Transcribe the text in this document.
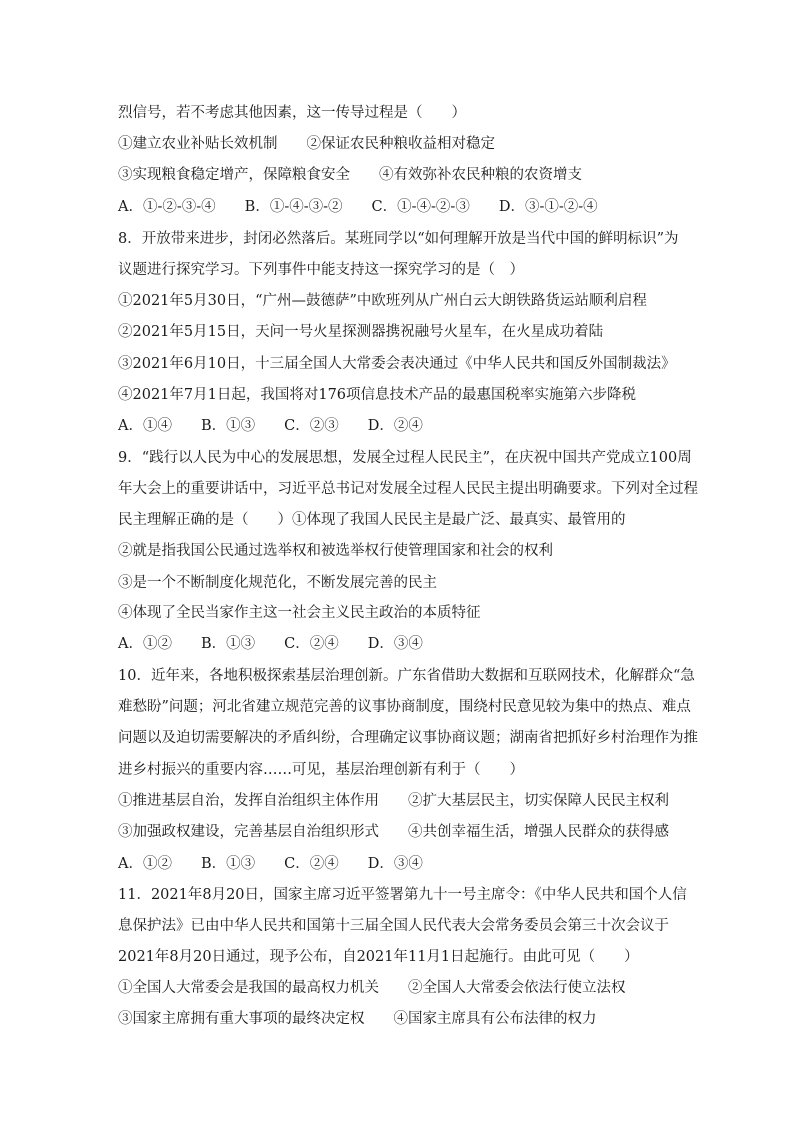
烈信号，若不考虑其他因素，这一传导过程是（　　）
①建立农业补贴长效机制　　②保证农民种粮收益相对稳定
③实现粮食稳定增产，保障粮食安全　　④有效弥补农民种粮的农资增支
A．①-②-③-④　　B．①-④-③-②　　C．①-④-②-③　　D．③-①-②-④
8．开放带来进步，封闭必然落后。某班同学以“如何理解开放是当代中国的鲜明标识”为
议题进行探究学习。下列事件中能支持这一探究学习的是（　）
①2021年5月30日，“广州—鼓德萨”中欧班列从广州白云大朗铁路货运站顺利启程
②2021年5月15日，天问一号火星探测器携祝融号火星车，在火星成功着陆
③2021年6月10日，十三届全国人大常委会表决通过《中华人民共和国反外国制裁法》
④2021年7月1日起，我国将对176项信息技术产品的最惠国税率实施第六步降税
A．①④　　B．①③　　C．②③　　D．②④
9．“践行以人民为中心的发展思想，发展全过程人民民主”，在庆祝中国共产党成立100周
年大会上的重要讲话中，习近平总书记对发展全过程人民民主提出明确要求。下列对全过程
民主理解正确的是（　　）①体现了我国人民民主是最广泛、最真实、最管用的
②就是指我国公民通过选举权和被选举权行使管理国家和社会的权利
③是一个不断制度化规范化，不断发展完善的民主
④体现了全民当家作主这一社会主义民主政治的本质特征
A．①②　　B．①③　　C．②④　　D．③④
10．近年来，各地积极探索基层治理创新。广东省借助大数据和互联网技术，化解群众“急
难愁盼”问题；河北省建立规范完善的议事协商制度，围绕村民意见较为集中的热点、难点
问题以及迫切需要解决的矛盾纠纷，合理确定议事协商议题；湖南省把抓好乡村治理作为推
进乡村振兴的重要内容……可见，基层治理创新有利于（　　）
①推进基层自治，发挥自治组织主体作用　　②扩大基层民主，切实保障人民民主权利
③加强政权建设，完善基层自治组织形式　　④共创幸福生活，增强人民群众的获得感
A．①②　　B．①③　　C．②④　　D．③④
11．2021年8月20日，国家主席习近平签署第九十一号主席令：《中华人民共和国个人信
息保护法》已由中华人民共和国第十三届全国人民代表大会常务委员会第三十次会议于
2021年8月20日通过，现予公布，自2021年11月1日起施行。由此可见（　　）
①全国人大常委会是我国的最高权力机关　　②全国人大常委会依法行使立法权
③国家主席拥有重大事项的最终决定权　　④国家主席具有公布法律的权力
